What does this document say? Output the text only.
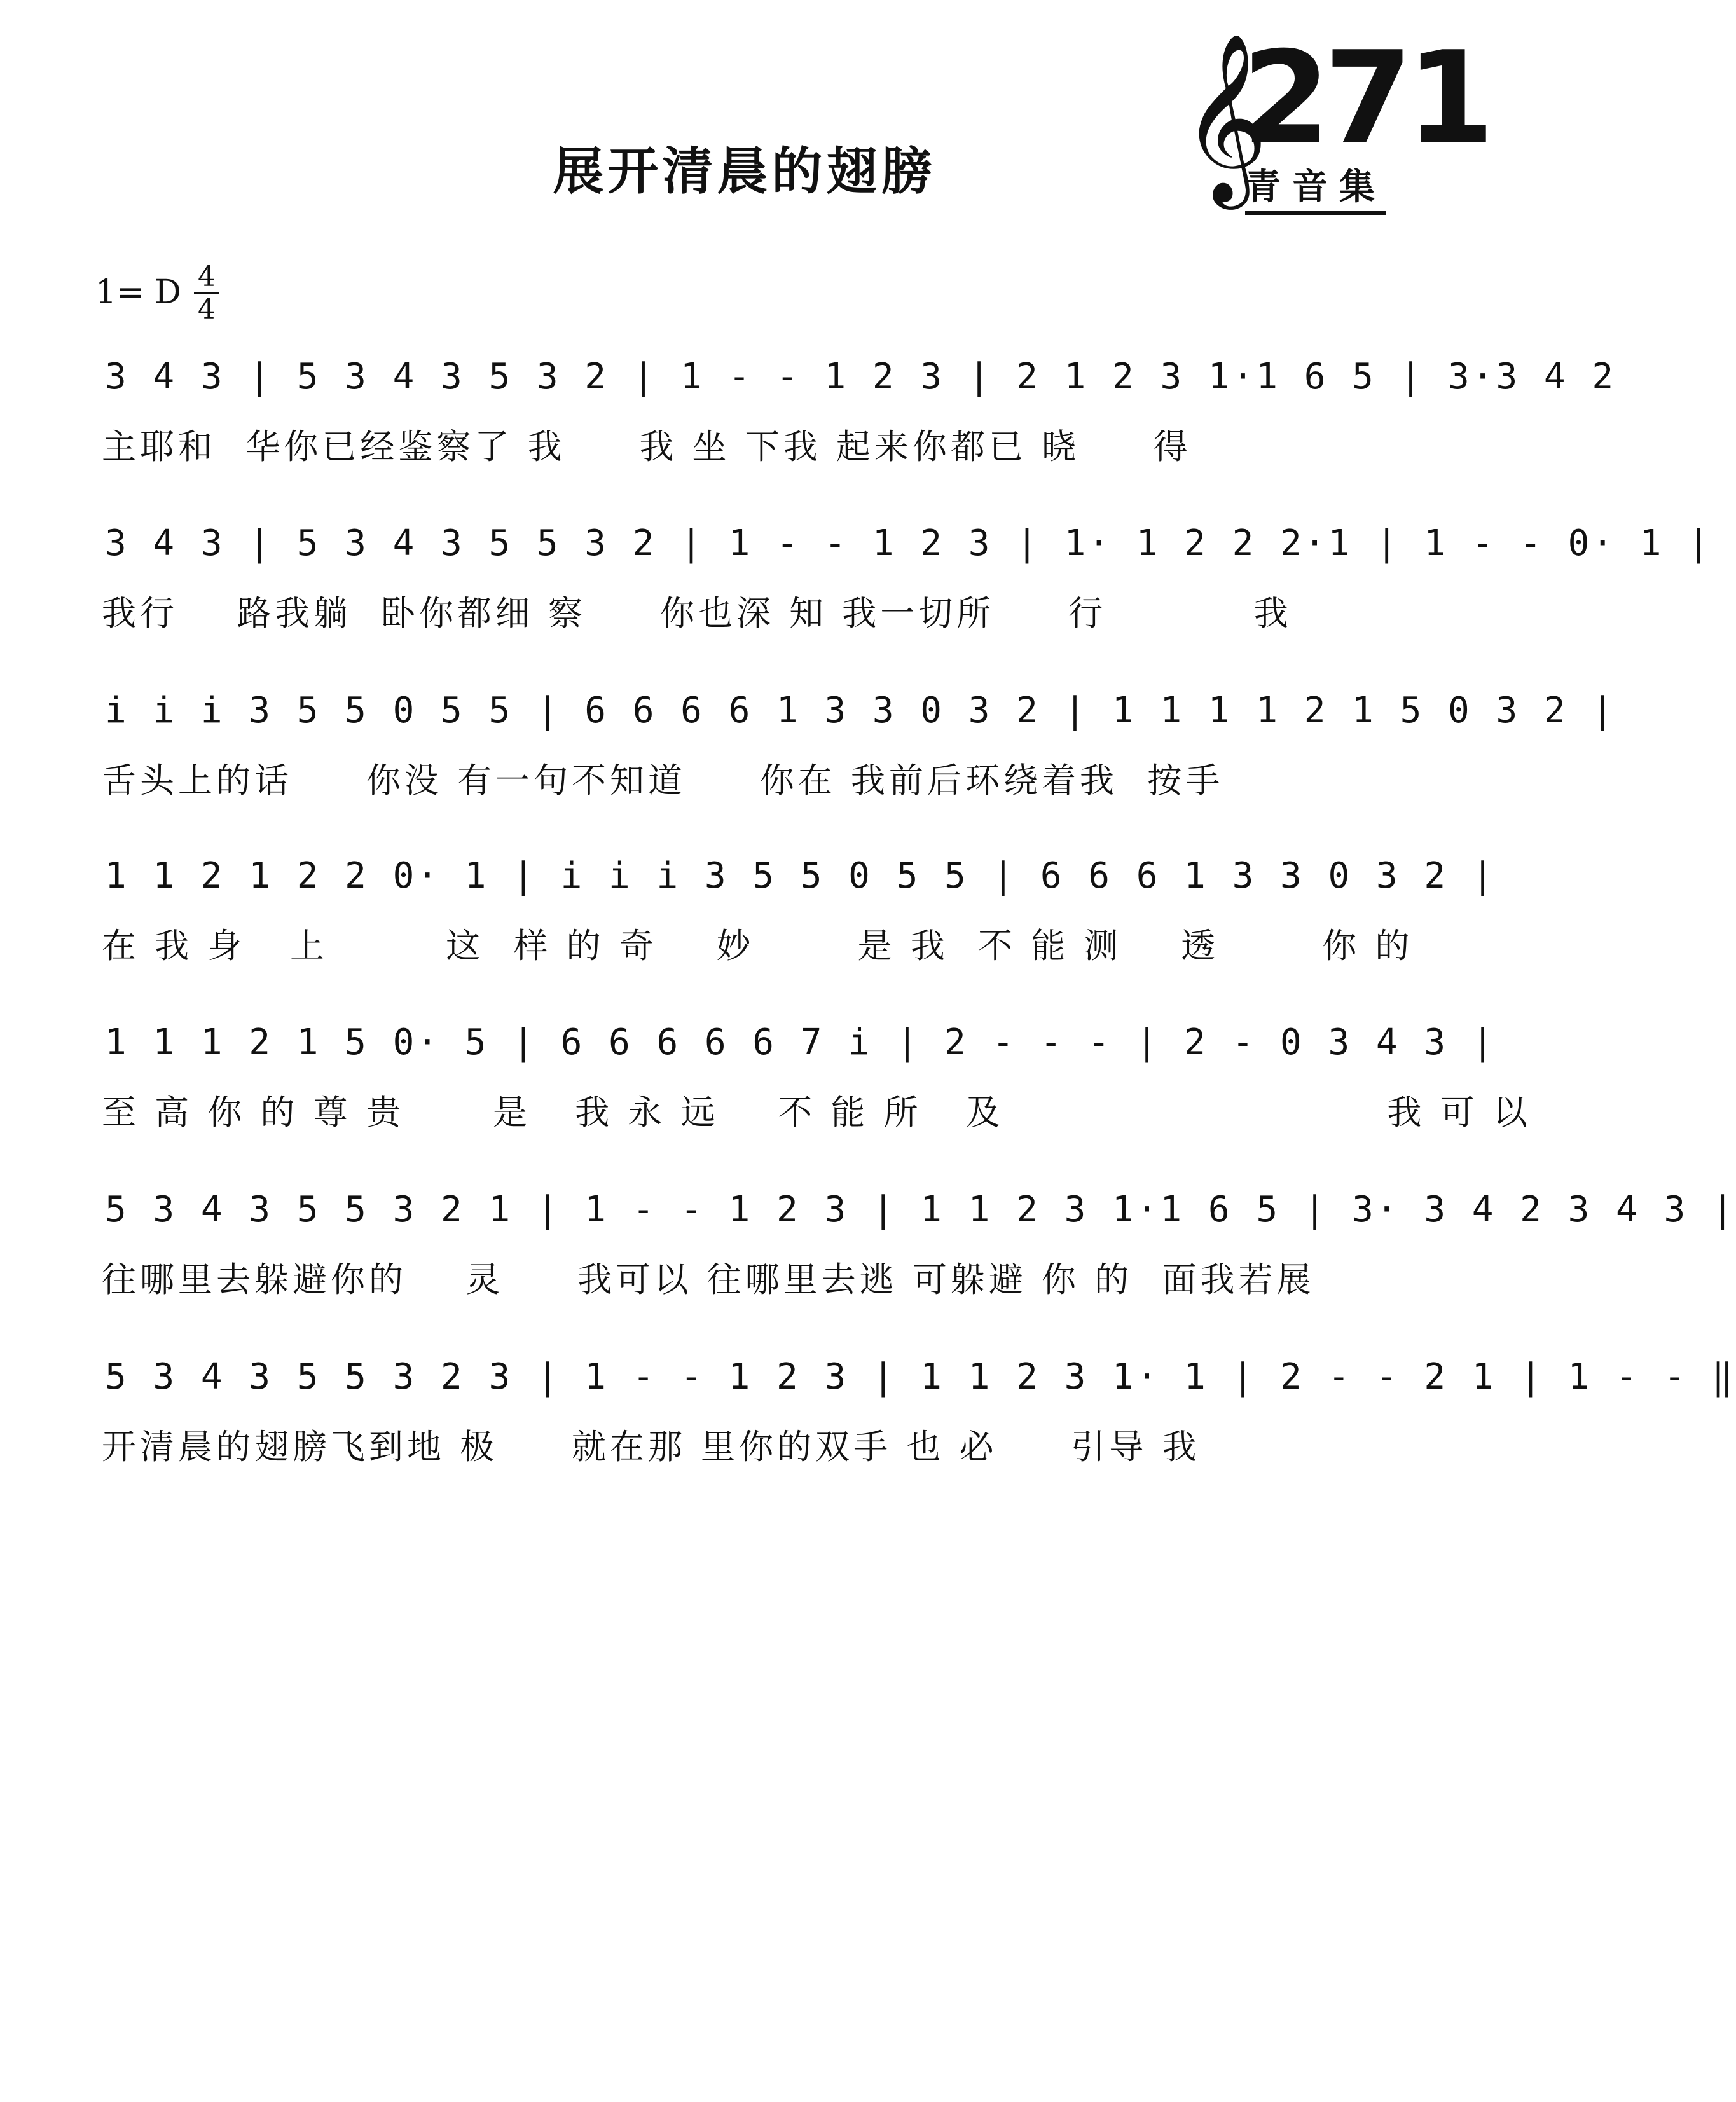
展开清晨的翅膀	𝄞
271
青音集
1= D 4
4
3 4 3 | 5 3 4 3 5 3 2 | 1 - - 1 2 3 | 2 1 2 3 1·1 6 5 | 3·3 4 2
主耶和  华你已经鉴察了 我     我 坐 下我 起来你都已 晓     得
3 4 3 | 5 3 4 3 5 5 3 2 | 1 - - 1 2 3 | 1· 1 2 2 2·1 | 1 - - 0· 1 |
我行    路我躺  卧你都细 察     你也深 知 我一切所     行          我
i i i 3 5 5 0 5 5 | 6 6 6 6 1 3 3 0 3 2 | 1 1 1 1 2 1 5 0 3 2 |
舌头上的话     你没 有一句不知道     你在 我前后环绕着我  按手
1 1 2 1 2 2 0· 1 | i i i 3 5 5 0 5 5 | 6 6 6 1 3 3 0 3 2 |
在 我 身   上        这  样 的 奇    妙       是 我  不 能 测    透       你 的
1 1 1 2 1 5 0· 5 | 6 6 6 6 6 7 i | 2 - - - | 2 - 0 3 4 3 |
至 高 你 的 尊 贵      是   我 永 远    不 能 所   及                          我 可 以
5 3 4 3 5 5 3 2 1 | 1 - - 1 2 3 | 1 1 2 3 1·1 6 5 | 3· 3 4 2 3 4 3 |
往哪里去躲避你的    灵     我可以 往哪里去逃 可躲避 你 的  面我若展
5 3 4 3 5 5 3 2 3 | 1 - - 1 2 3 | 1 1 2 3 1· 1 | 2 - - 2 1 | 1 - - ‖
开清晨的翅膀飞到地 极     就在那 里你的双手 也 必     引导 我
